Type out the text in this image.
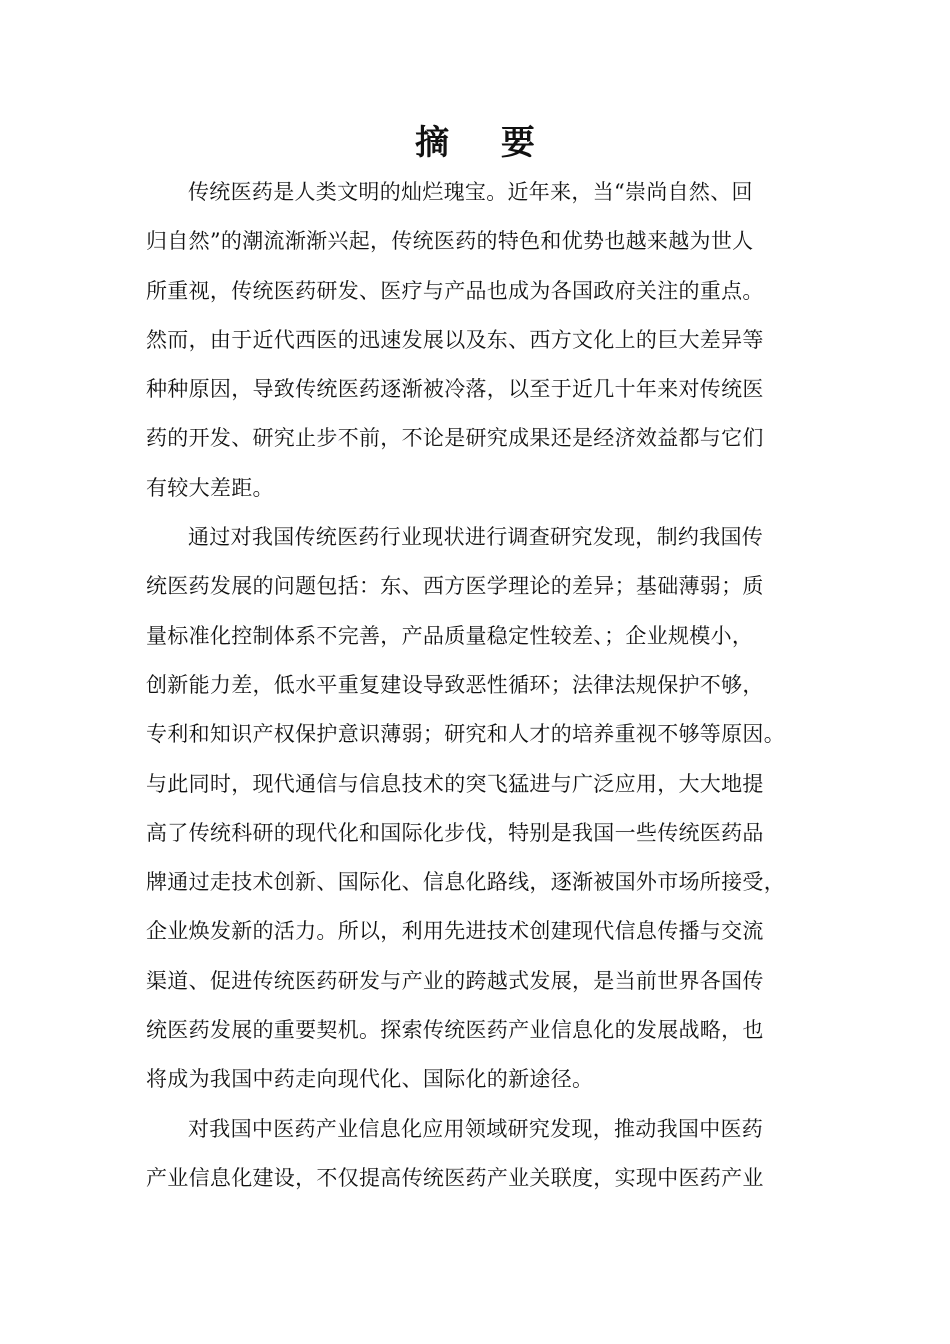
摘 要
传统医药是人类文明的灿烂瑰宝。近年来，当“崇尚自然、回
归自然”的潮流渐渐兴起，传统医药的特色和优势也越来越为世人
所重视，传统医药研发、医疗与产品也成为各国政府关注的重点。
然而，由于近代西医的迅速发展以及东、西方文化上的巨大差异等
种种原因，导致传统医药逐渐被冷落，以至于近几十年来对传统医
药的开发、研究止步不前，不论是研究成果还是经济效益都与它们
有较大差距。
通过对我国传统医药行业现状进行调查研究发现，制约我国传
统医药发展的问题包括：东、西方医学理论的差异；基础薄弱；质
量标准化控制体系不完善，产品质量稳定性较差、；企业规模小，
创新能力差，低水平重复建设导致恶性循环；法律法规保护不够，
专利和知识产权保护意识薄弱；研究和人才的培养重视不够等原因。
与此同时，现代通信与信息技术的突飞猛进与广泛应用，大大地提
高了传统科研的现代化和国际化步伐，特别是我国一些传统医药品
牌通过走技术创新、国际化、信息化路线，逐渐被国外市场所接受，
企业焕发新的活力。所以，利用先进技术创建现代信息传播与交流
渠道、促进传统医药研发与产业的跨越式发展，是当前世界各国传
统医药发展的重要契机。探索传统医药产业信息化的发展战略，也
将成为我国中药走向现代化、国际化的新途径。
对我国中医药产业信息化应用领域研究发现，推动我国中医药
产业信息化建设，不仅提高传统医药产业关联度，实现中医药产业
